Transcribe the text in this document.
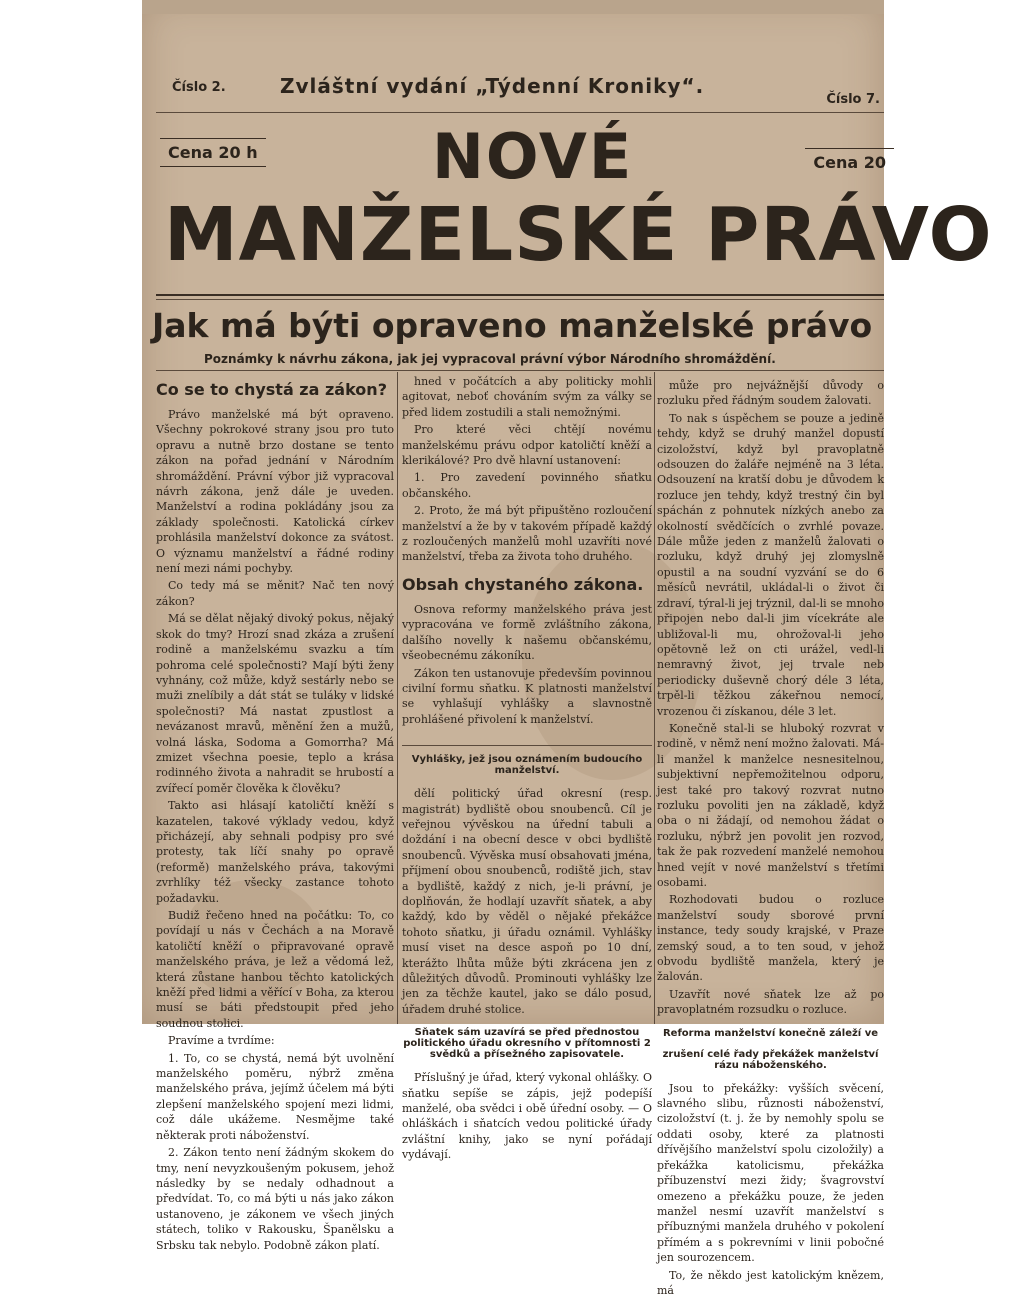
Číslo 2.	Zvláštní vydání „Týdenní Kroniky“.
Číslo 7.
Cena 20 h
Cena 20
NOVÉ
MANŽELSKÉ PRÁVO
Jak má býti opraveno manželské právo
Poznámky k návrhu zákona, jak jej vypracoval právní výbor Národního shromáždění.
Co se to chystá za zákon?

Právo manželské má být opraveno. Všechny pokrokové strany jsou pro tuto opravu a nutně brzo dostane se tento zákon na pořad jednání v Národním shromáždění. Právní výbor již vypracoval návrh zákona, jenž dále je uveden. Manželství a rodina pokládány jsou za základy společnosti. Katolická církev prohlásila manželství dokonce za svátost. O významu manželství a řádné rodiny není mezi námi pochyby.

Co tedy má se měnit? Nač ten nový zákon?

Má se dělat nějaký divoký pokus, nějaký skok do tmy? Hrozí snad zkáza a zrušení rodině a manželskému svazku a tím pohroma celé společnosti? Mají býti ženy vyhnány, což může, když sestárly nebo se muži znelíbily a dát stát se tuláky v lidské společnosti? Má nastat zpustlost a nevázanost mravů, měnění žen a mužů, volná láska, Sodoma a Gomorrha? Má zmizet všechna poesie, teplo a krása rodinného života a nahradit se hrubostí a zvířecí poměr člověka k člověku?

Takto asi hlásají katoličtí kněží s kazatelen, takové výklady vedou, když přicházejí, aby sehnali podpisy pro své protesty, tak líčí snahy po opravě (reformě) manželského práva, takovými zvrhlíky též všecky zastance tohoto požadavku.

Budiž řečeno hned na počátku: To, co povídají u nás v Čechách a na Moravě katoličtí kněží o připravované opravě manželského práva, je lež a vědomá lež, která zůstane hanbou těchto katolických kněží před lidmi a věřící v Boha, za kterou musí se báti předstoupit před jeho soudnou stolici.

Pravíme a tvrdíme:

1. To, co se chystá, nemá být uvolnění manželského poměru, nýbrž změna manželského práva, jejímž účelem má býti zlepšení manželského spojení mezi lidmi, což dále ukážeme. Nesmějme také některak proti náboženství.

2. Zákon tento není žádným skokem do tmy, není nevyzkoušeným pokusem, jehož následky by se nedaly odhadnout a předvídat. To, co má býti u nás jako zákon ustanoveno, je zákonem ve všech jiných státech, toliko v Rakousku, Španělsku a Srbsku tak nebylo. Podobně zákon platí.

hned v počátcích a aby politicky mohli agitovat, neboť chováním svým za války se před lidem zostudili a stali nemožnými.

Pro které věci chtějí novému manželskému právu odpor katoličtí kněží a klerikálové? Pro dvě hlavní ustanovení:

1. Pro zavedení povinného sňatku občanského.

2. Proto, že má být připuštěno rozloučení manželství a že by v takovém případě každý z rozloučených manželů mohl uzavříti nové manželství, třeba za života toho druhého.

Obsah chystaného zákona.

Osnova reformy manželského práva jest vypracována ve formě zvláštního zákona, dalšího novelly k našemu občanskému, všeobecnému zákoníku.

Zákon ten ustanovuje především povinnou civilní formu sňatku. K platnosti manželství se vyhlašují vyhlášky a slavnostně prohlášené přivolení k manželství.

Vyhlášky, jež jsou oznámením budoucího manželství.

dělí politický úřad okresní (resp. magistrát) bydliště obou snoubenců. Cíl je veřejnou vývěskou na úřední tabuli a doždání i na obecní desce v obci bydliště snoubenců. Vývěska musí obsahovati jména, příjmení obou snoubenců, rodiště jich, stav a bydliště, každý z nich, je-li právní, je doplňován, že hodlají uzavřít sňatek, a aby každý, kdo by věděl o nějaké překážce tohoto sňatku, ji úřadu oznámil. Vyhlášky musí viset na desce aspoň po 10 dní, kterážto lhůta může býti zkrácena jen z důležitých důvodů. Prominouti vyhlášky lze jen za těchže kautel, jako se dálo posud, úřadem druhé stolice.

Sňatek sám uzavírá se před přednostou politického úřadu okresního v přítomnosti 2 svědků a přísežného zapisovatele.

Příslušný je úřad, který vykonal ohlášky. O sňatku sepíše se zápis, jejž podepíší manželé, oba svědci i obě úřední osoby. — O ohláškách i sňatcích vedou politické úřady zvláštní knihy, jako se nyní pořádají vydávají.

může pro nejvážnější důvody o rozluku před řádným soudem žalovati.

To nak s úspěchem se pouze a jedině tehdy, když se druhý manžel dopustí cizoložství, když byl pravoplatně odsouzen do žaláře nejméně na 3 léta. Odsouzení na kratší dobu je důvodem k rozluce jen tehdy, když trestný čin byl spáchán z pohnutek nízkých anebo za okolností svědčících o zvrhlé povaze. Dále může jeden z manželů žalovati o rozluku, když druhý jej zlomyslně opustil a na soudní vyzvání se do 6 měsíců nevrátil, ukládal-li o život či zdraví, týral-li jej trýznil, dal-li se mnoho připojen nebo dal-li jim vícekráte ale ubližoval-li mu, ohrožoval-li jeho opětovně lež on cti urážel, vedl-li nemravný život, jej trvale neb periodicky duševně chorý déle 3 léta, trpěl-li těžkou zákeřnou nemocí, vrozenou či získanou, déle 3 let.

Konečně stal-li se hluboký rozvrat v rodině, v němž není možno žalovati. Má-li manžel k manželce nesnesitelnou, subjektivní nepřemožitelnou odporu, jest také pro takový rozvrat nutno rozluku povoliti jen na základě, když oba o ni žádají, od nemohou žádat o rozluku, nýbrž jen povolit jen rozvod, tak že pak rozvedení manželé nemohou hned vejít v nové manželství s třetími osobami.

Rozhodovati budou o rozluce manželství soudy sborové první instance, tedy soudy krajské, v Praze zemský soud, a to ten soud, v jehož obvodu bydliště manžela, který je žalován.

Uzavřít nové sňatek lze až po pravoplatném rozsudku o rozluce.

Reforma manželství konečně záleží ve
zrušení celé řady překážek manželství rázu náboženského.

Jsou to překážky: vyšších svěcení, slavného slibu, různosti náboženství, cizoložství (t. j. že by nemohly spolu se oddati osoby, které za platnosti dřívějšího manželství spolu cizoložily) a překážka katolicismu, překážka příbuzenství mezi židy; švagrovství omezeno a překážku pouze, že jeden manžel nesmí uzavřít manželství s příbuznými manžela druhého v pokolení přímém a s pokrevními v linii pobočné jen sourozencem.

To, že někdo jest katolickým knězem, má
